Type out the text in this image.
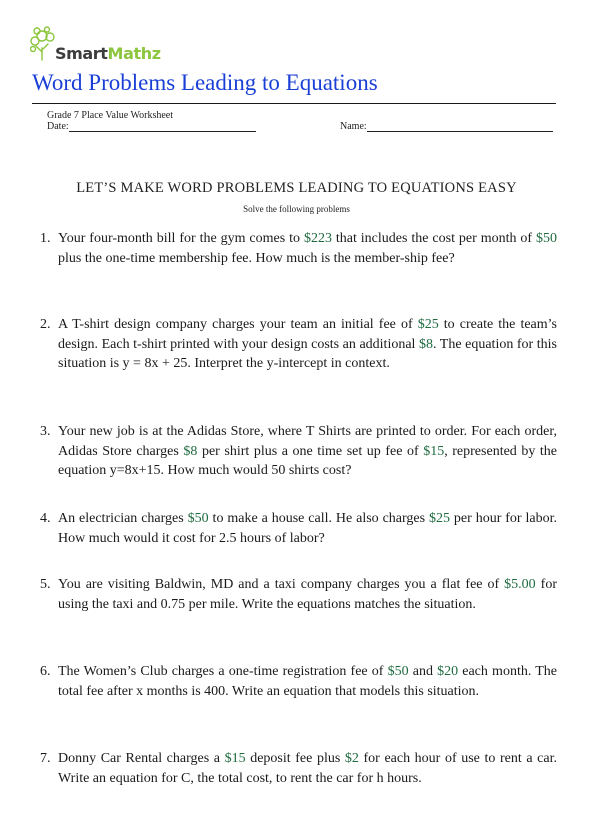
SmartMathz
Word Problems Leading to Equations
Grade 7 Place Value Worksheet
Date:	Name:
LET’S MAKE WORD PROBLEMS LEADING TO EQUATIONS EASY
Solve the following problems
1. Your four-month bill for the gym comes to $223 that includes the cost per month of $50 plus the one-time membership fee. How much is the member-ship fee?
2. A T-shirt design company charges your team an initial fee of $25 to create the team’s design. Each t-shirt printed with your design costs an additional $8. The equation for this situation is y = 8x + 25. Interpret the y-intercept in context.
3. Your new job is at the Adidas Store, where T Shirts are printed to order. For each order, Adidas Store charges $8 per shirt plus a one time set up fee of $15, represented by the equation y=8x+15. How much would 50 shirts cost?
4. An electrician charges $50 to make a house call. He also charges $25 per hour for labor. How much would it cost for 2.5 hours of labor?
5. You are visiting Baldwin, MD and a taxi company charges you a flat fee of $5.00 for using the taxi and 0.75 per mile. Write the equations matches the situation.
6. The Women’s Club charges a one-time registration fee of $50 and $20 each month. The total fee after x months is 400. Write an equation that models this situation.
7. Donny Car Rental charges a $15 deposit fee plus $2 for each hour of use to rent a car. Write an equation for C, the total cost, to rent the car for h hours.
